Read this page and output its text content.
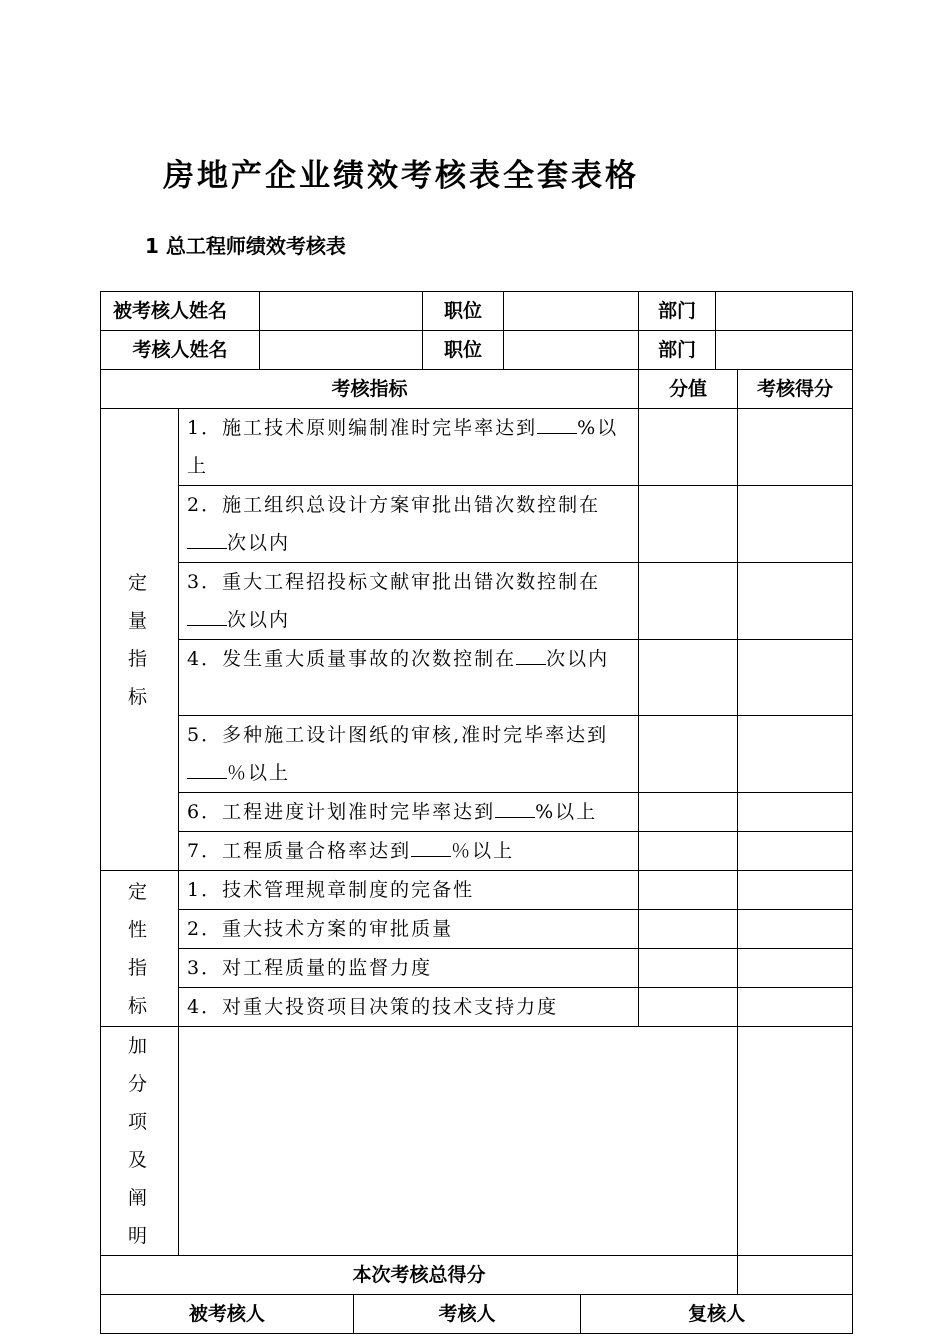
房地产企业绩效考核表全套表格
1 总工程师绩效考核表
被考核人姓名		职位		部门	
考核人姓名		职位		部门	
考核指标	分值	考核得分

定量指标
	1．施工技术原则编制准时完毕率达到 %以上		
2．施工组织总设计方案审批出错次数控制在次以内		
3．重大工程招投标文献审批出错次数控制在次以内		
4．发生重大质量事故的次数控制在 次以内		
5．多种施工设计图纸的审核,准时完毕率达到％以上		
6．工程进度计划准时完毕率达到 %以上		
7．工程质量合格率达到 ％以上		

定性指标
	1．技术管理规章制度的完备性		
2．重大技术方案的审批质量		
3．对工程质量的监督力度		
4．对重大投资项目决策的技术支持力度		

加分项及阐明

本次考核总得分	

被考核人	考核人	复核人
